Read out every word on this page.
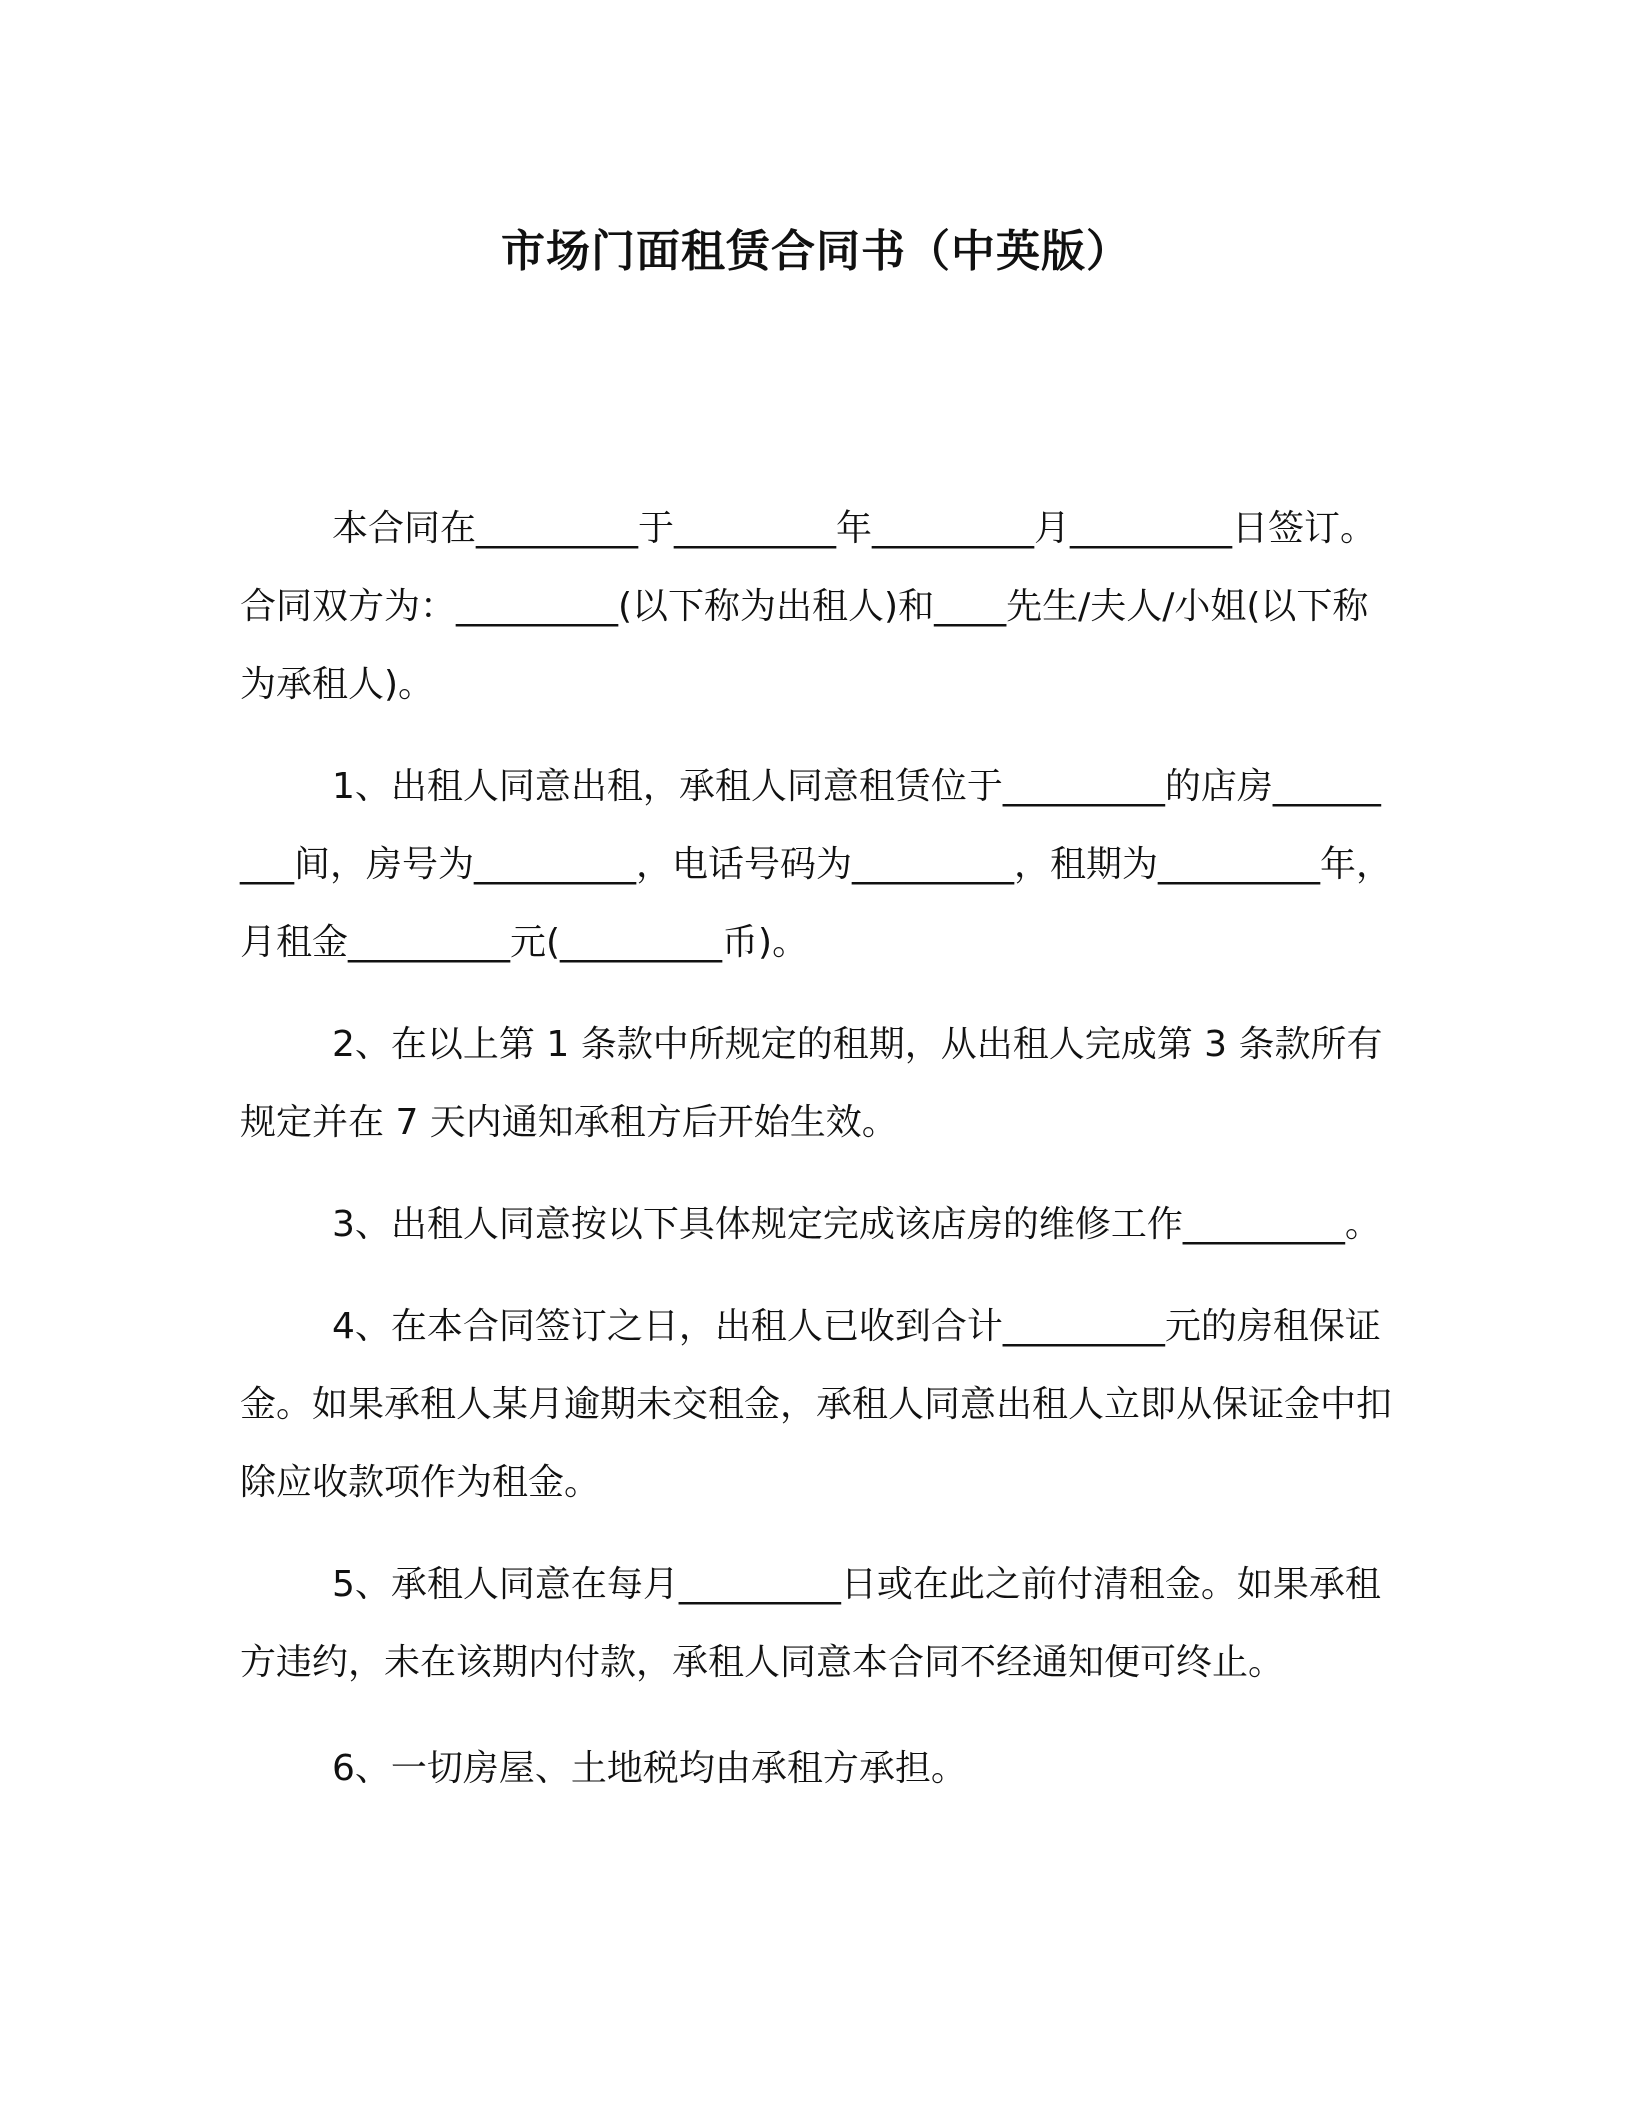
市场门面租赁合同书（中英版）

本合同在_________于_________年_________月_________日签订。合同双方为：_________(以下称为出租人)和____先生/夫人/小姐(以下称为承租人)。

1、出租人同意出租，承租人同意租赁位于_________的店房_________间，房号为_________，电话号码为_________，租期为_________年，月租金_________元(_________币)。

2、在以上第 1 条款中所规定的租期，从出租人完成第 3 条款所有规定并在 7 天内通知承租方后开始生效。

3、出租人同意按以下具体规定完成该店房的维修工作_________。

4、在本合同签订之日，出租人已收到合计_________元的房租保证金。如果承租人某月逾期未交租金，承租人同意出租人立即从保证金中扣除应收款项作为租金。

5、承租人同意在每月_________日或在此之前付清租金。如果承租方违约，未在该期内付款，承租人同意本合同不经通知便可终止。

6、一切房屋、土地税均由承租方承担。
